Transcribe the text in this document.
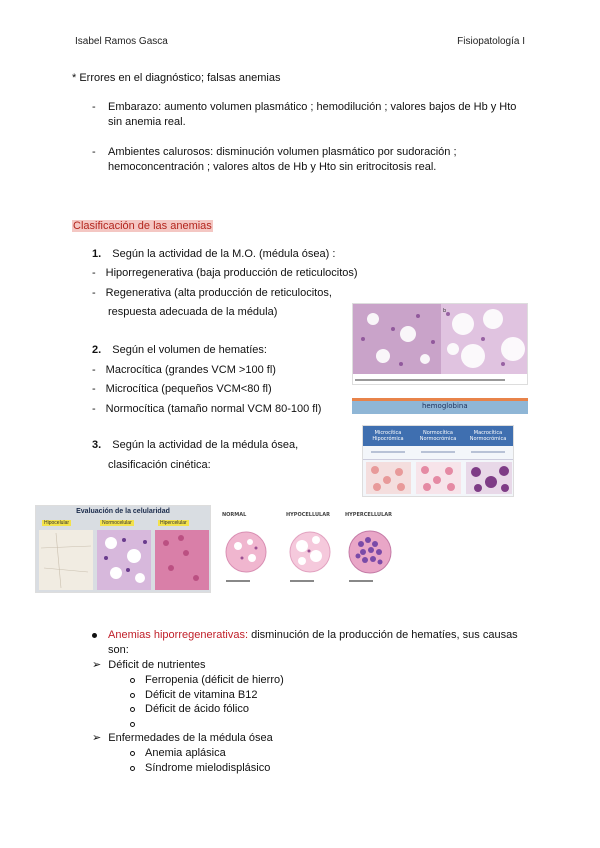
Isabel Ramos Gasca	Fisiopatología I
* Errores en el diagnóstico; falsas anemias
- Embarazo: aumento volumen plasmático ; hemodilución ; valores bajos de Hb y Hto
sin anemia real.
- Ambientes calurosos: disminución volumen plasmático por sudoración ;
hemoconcentración ; valores altos de Hb y Hto sin eritrocitosis real.
Clasificación de las anemias
1. Según la actividad de la M.O. (médula ósea) :
- Hiporregenerativa (baja producción de reticulocitos)
- Regenerativa (alta producción de reticulocitos,
respuesta adecuada de la médula)
2. Según el volumen de hematíes:
- Macrocítica (grandes VCM >100 fl)
- Microcítica (pequeños VCM<80 fl)
- Normocítica (tamaño normal VCM 80-100 fl)
3. Según la actividad de la médula ósea,
clasificación cinética:
b
hemoglobina
Microcítica Hipocrómica
Normocítica Normocrómica
Macrocítica Normocrómica
Evaluación de la celularidad
Hipocelular	Normocelular	Hipercelular
NORMAL	HYPOCELLULAR	HYPERCELLULAR
Anemias hiporregenerativas: disminución de la producción de hematíes, sus causas
son:
➢ Déficit de nutrientes
Ferropenia (déficit de hierro)
Déficit de vitamina B12
Déficit de ácido fólico
➢ Enfermedades de la médula ósea
Anemia aplásica
Síndrome mielodisplásico
